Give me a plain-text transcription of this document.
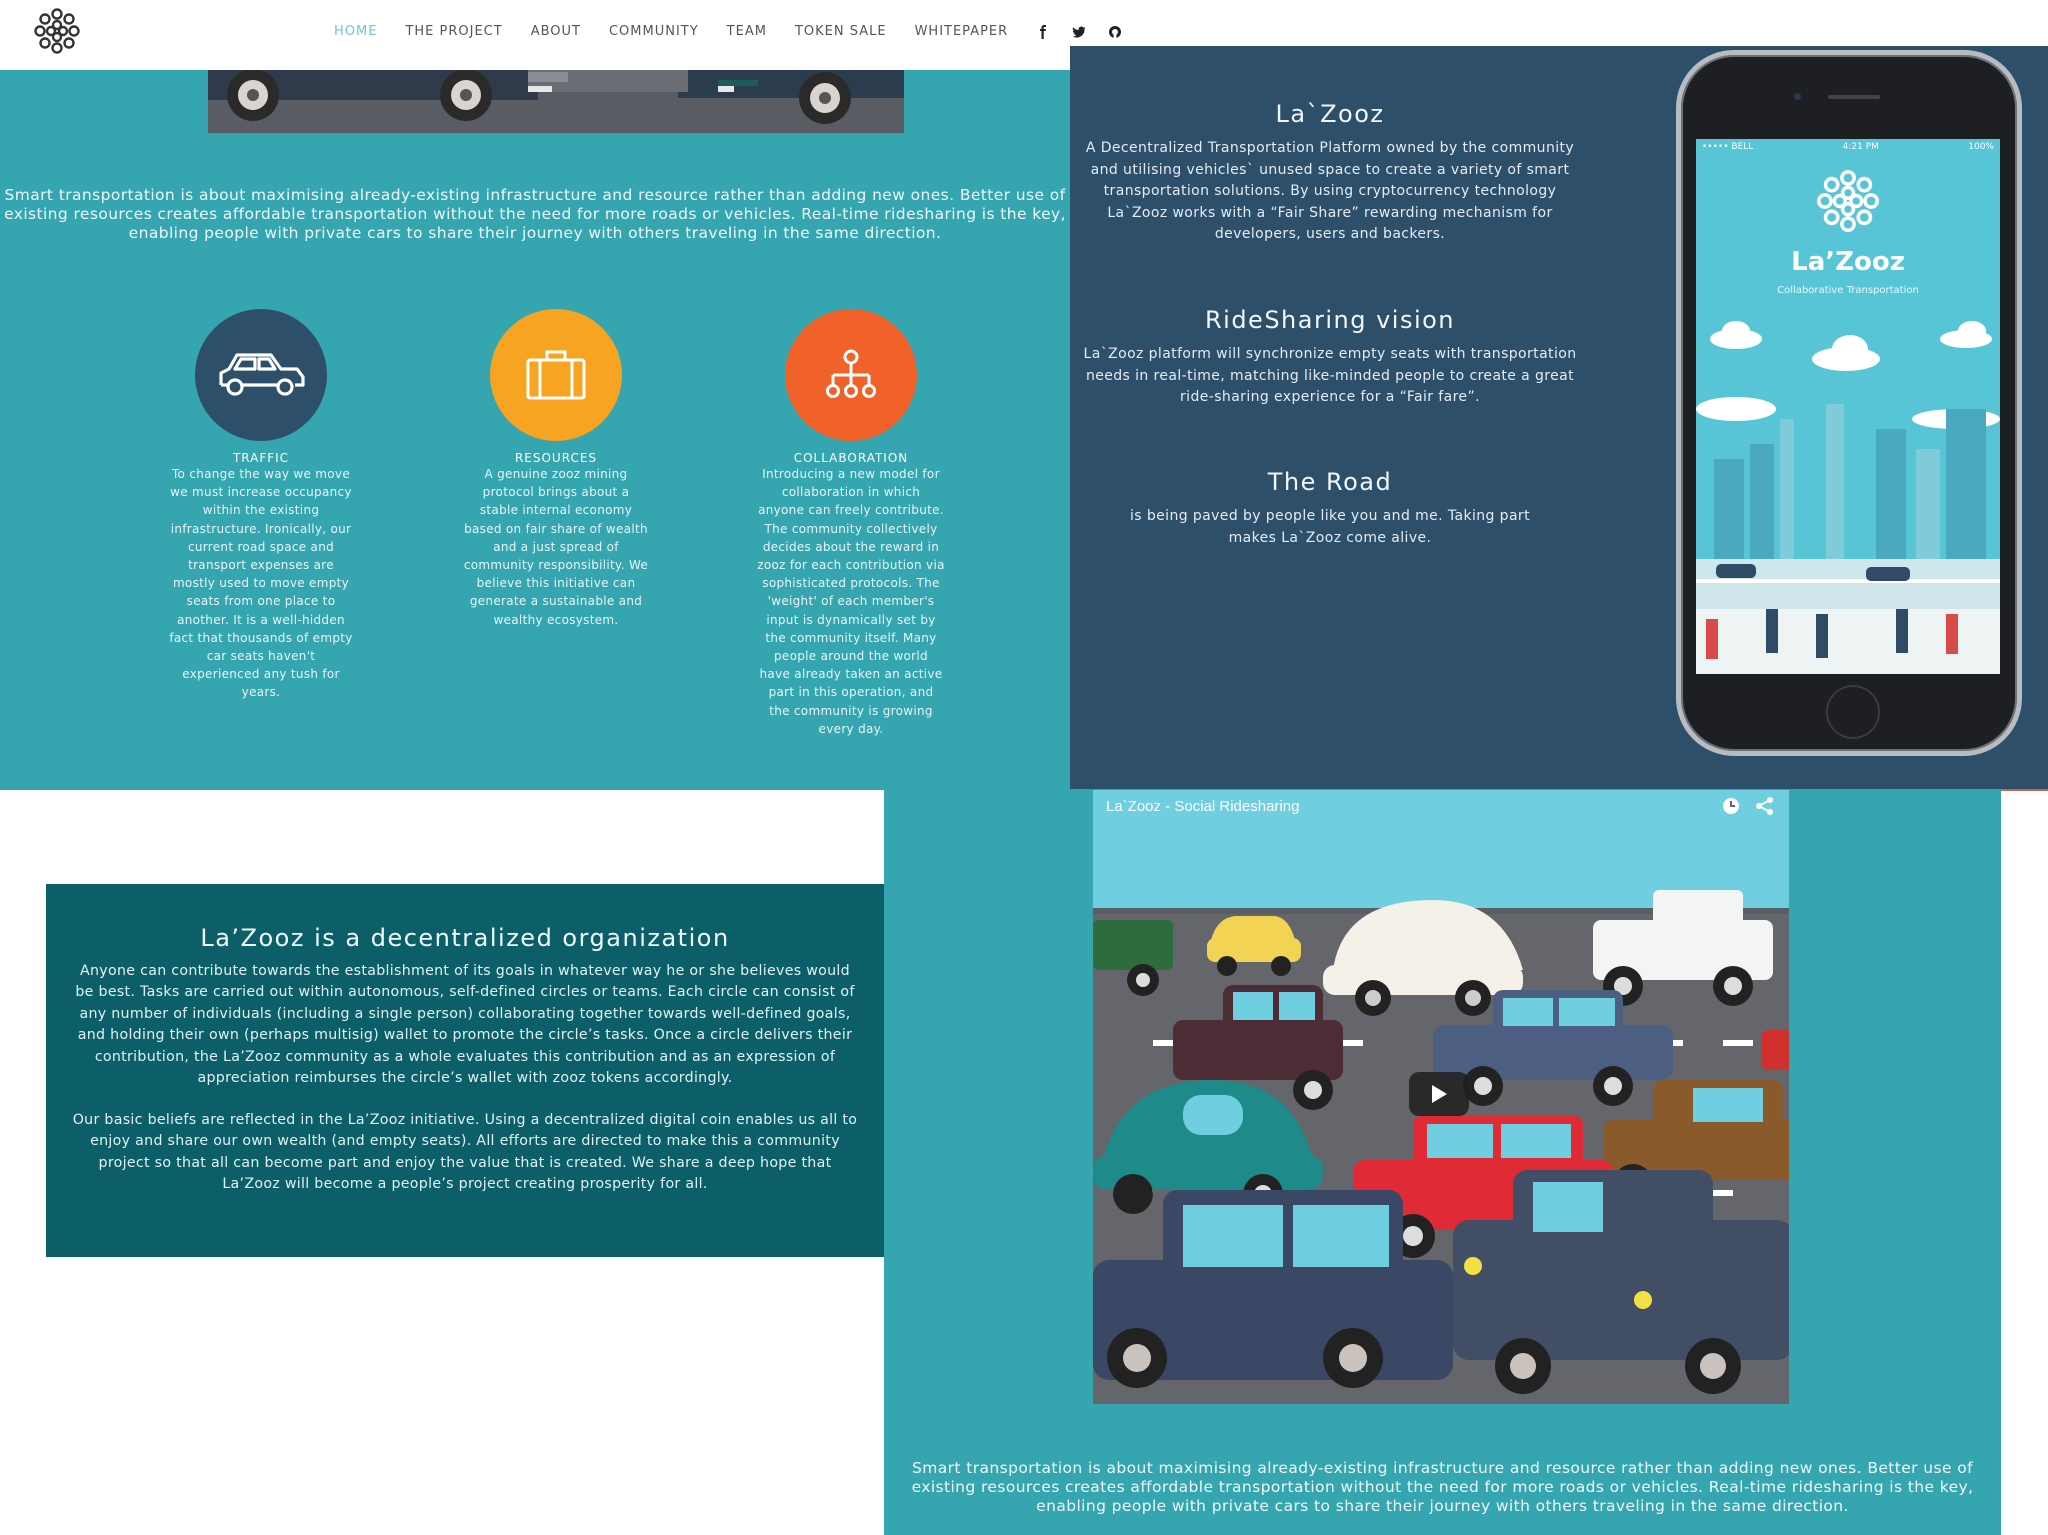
HOME THE PROJECT ABOUT COMMUNITY TEAM TOKEN SALE WHITEPAPER
Smart transportation is about maximising already-existing infrastructure and resource rather than adding new ones. Better use of
existing resources creates affordable transportation without the need for more roads or vehicles. Real-time ridesharing is the key,
enabling people with private cars to share their journey with others traveling in the same direction.
TRAFFIC
To change the way we move we must increase occupancy within the existing infrastructure. Ironically, our current road space and transport expenses are mostly used to move empty seats from one place to another. It is a well-hidden fact that thousands of empty car seats haven't experienced any tush for years.
RESOURCES
A genuine zooz mining protocol brings about a stable internal economy based on fair share of wealth and a just spread of community responsibility. We believe this initiative can generate a sustainable and wealthy ecosystem.
COLLABORATION
Introducing a new model for collaboration in which anyone can freely contribute. The community collectively decides about the reward in zooz for each contribution via sophisticated protocols. The 'weight' of each member's input is dynamically set by the community itself. Many people around the world have already taken an active part in this operation, and the community is growing every day.
La`Zooz

A Decentralized Transportation Platform owned by the community and utilising vehicles` unused space to create a variety of smart transportation solutions. By using cryptocurrency technology La`Zooz works with a “Fair Share” rewarding mechanism for developers, users and backers.

RideSharing vision

La`Zooz platform will synchronize empty seats with transportation needs in real-time, matching like-minded people to create a great ride-sharing experience for a “Fair fare”.

The Road

is being paved by people like you and me. Taking part makes La`Zooz come alive.

••••• BELL	4:21 PM	100%
La’Zooz
Collaborative Transportation
La’Zooz is a decentralized organization

Anyone can contribute towards the establishment of its goals in whatever way he or she believes would be best. Tasks are carried out within autonomous, self-defined circles or teams. Each circle can consist of any number of individuals (including a single person) collaborating together towards well-defined goals, and holding their own (perhaps multisig) wallet to promote the circle’s tasks. Once a circle delivers their contribution, the La’Zooz community as a whole evaluates this contribution and as an expression of appreciation reimburses the circle’s wallet with zooz tokens accordingly.

Our basic beliefs are reflected in the La’Zooz initiative. Using a decentralized digital coin enables us all to enjoy and share our own wealth (and empty seats). All efforts are directed to make this a community project so that all can become part and enjoy the value that is created. We share a deep hope that La’Zooz will become a people’s project creating prosperity for all.

La`Zooz - Social Ridesharing
Smart transportation is about maximising already-existing infrastructure and resource rather than adding new ones. Better use of
existing resources creates affordable transportation without the need for more roads or vehicles. Real-time ridesharing is the key,
enabling people with private cars to share their journey with others traveling in the same direction.
